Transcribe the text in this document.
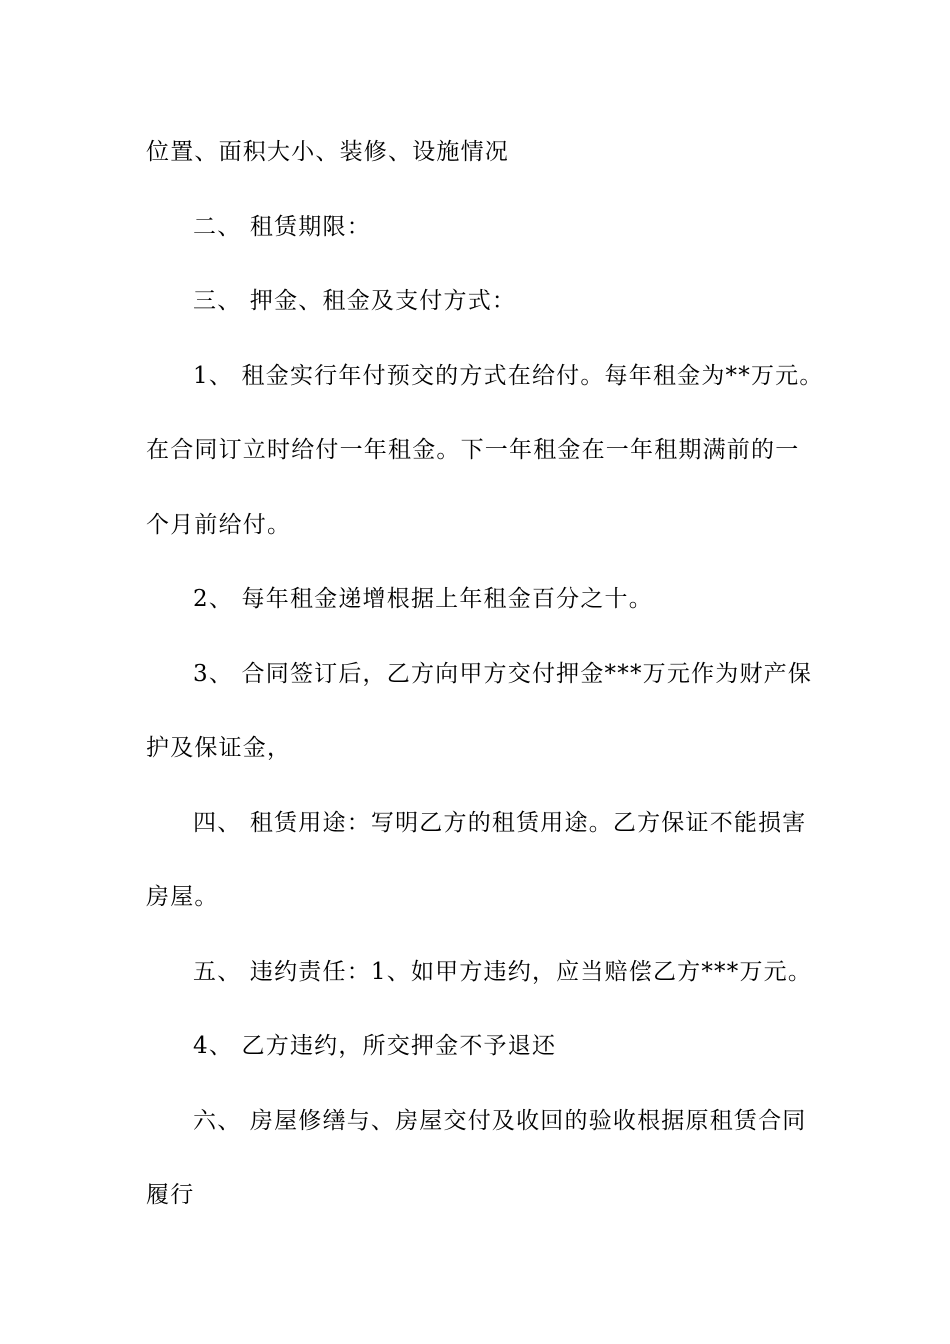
位置、面积大小、装修、设施情况
二、 租赁期限：
三、 押金、租金及支付方式：
1、 租金实行年付预交的方式在给付。每年租金为**万元。
在合同订立时给付一年租金。下一年租金在一年租期满前的一
个月前给付。
2、 每年租金递增根据上年租金百分之十。
3、 合同签订后，乙方向甲方交付押金***万元作为财产保
护及保证金，
四、 租赁用途：写明乙方的租赁用途。乙方保证不能损害
房屋。
五、 违约责任：1、如甲方违约，应当赔偿乙方***万元。
4、 乙方违约，所交押金不予退还
六、 房屋修缮与、房屋交付及收回的验收根据原租赁合同
履行
